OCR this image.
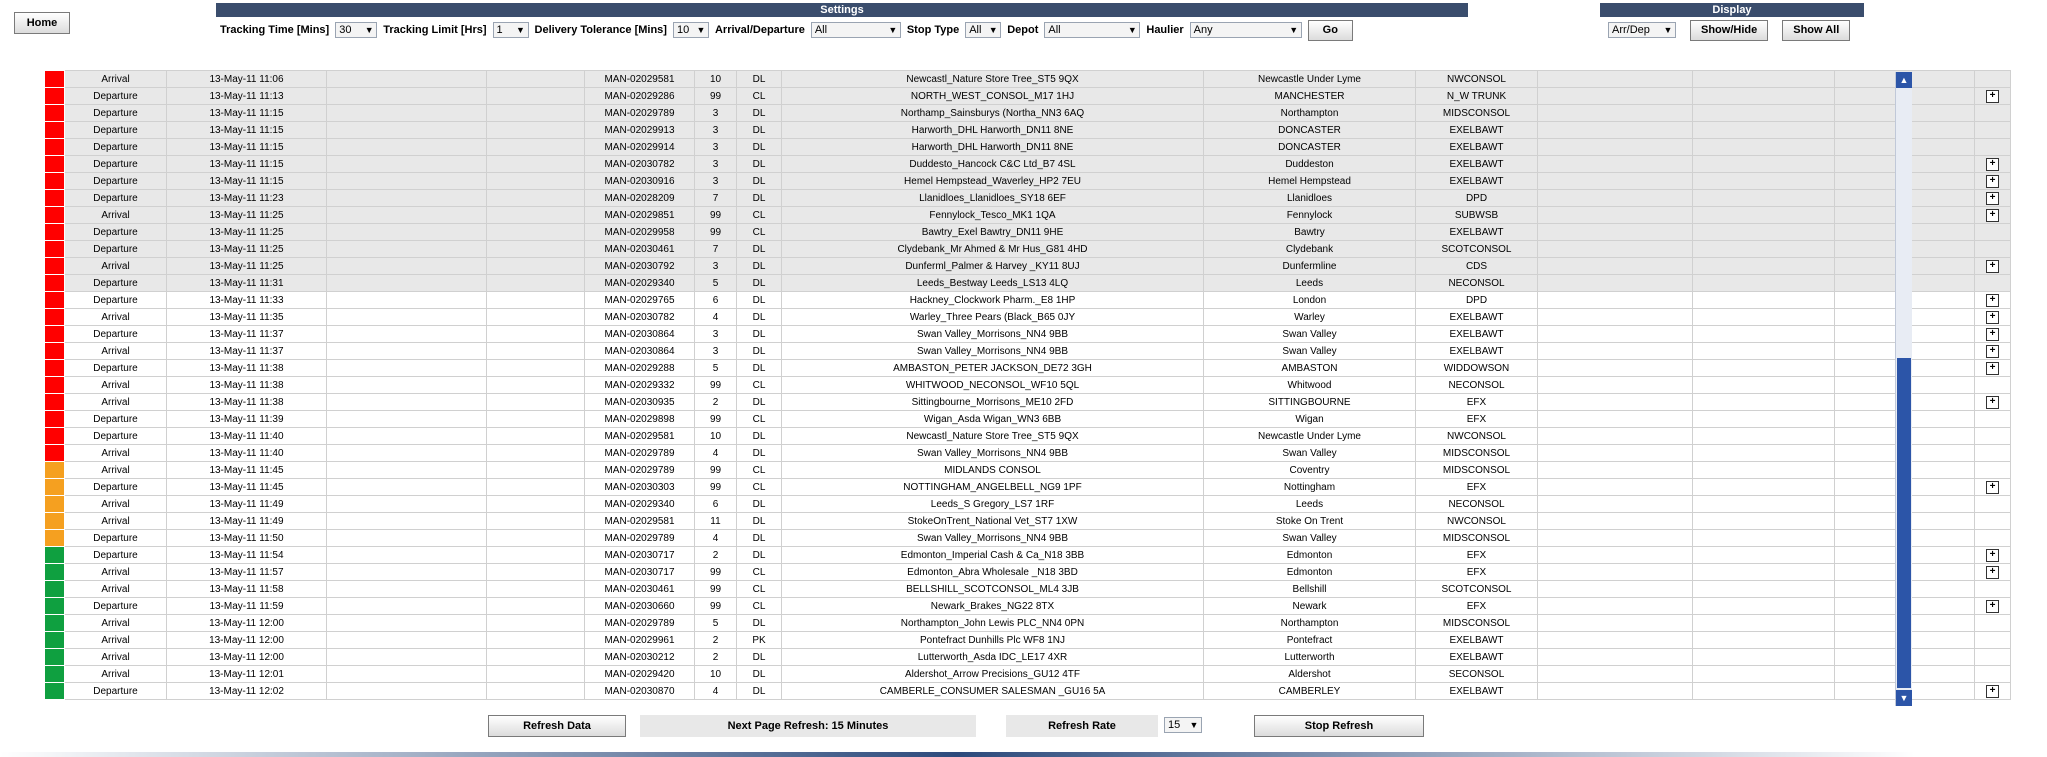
Home
Settings
Tracking Time [Mins] 30 ▼ Tracking Limit [Hrs] 1 ▼ Delivery Tolerance [Mins] 10 ▼ Arrival/Departure All	▼ Stop Type All ▼ Depot All	▼ Haulier Any	▼	Go
Display
Arr/Dep ▼	Show/Hide	Show All
	Arrival	13-May-11 11:06			MAN-02029581	10	DL	Newcastl_Nature Store Tree_ST5 9QX	Newcastle Under Lyme	NWCONSOL				
	Departure	13-May-11 11:13			MAN-02029286	99	CL	NORTH_WEST_CONSOL_M17 1HJ	MANCHESTER	N_W TRUNK				+
	Departure	13-May-11 11:15			MAN-02029789	3	DL	Northamp_Sainsburys (Northa_NN3 6AQ	Northampton	MIDSCONSOL				
	Departure	13-May-11 11:15			MAN-02029913	3	DL	Harworth_DHL Harworth_DN11 8NE	DONCASTER	EXELBAWT				
	Departure	13-May-11 11:15			MAN-02029914	3	DL	Harworth_DHL Harworth_DN11 8NE	DONCASTER	EXELBAWT				
	Departure	13-May-11 11:15			MAN-02030782	3	DL	Duddesto_Hancock C&C Ltd_B7 4SL	Duddeston	EXELBAWT				+
	Departure	13-May-11 11:15			MAN-02030916	3	DL	Hemel Hempstead_Waverley_HP2 7EU	Hemel Hempstead	EXELBAWT				+
	Departure	13-May-11 11:23			MAN-02028209	7	DL	Llanidloes_Llanidloes_SY18 6EF	Llanidloes	DPD				+
	Arrival	13-May-11 11:25			MAN-02029851	99	CL	Fennylock_Tesco_MK1 1QA	Fennylock	SUBWSB				+
	Departure	13-May-11 11:25			MAN-02029958	99	CL	Bawtry_Exel Bawtry_DN11 9HE	Bawtry	EXELBAWT				
	Departure	13-May-11 11:25			MAN-02030461	7	DL	Clydebank_Mr Ahmed & Mr Hus_G81 4HD	Clydebank	SCOTCONSOL				
	Arrival	13-May-11 11:25			MAN-02030792	3	DL	Dunferml_Palmer & Harvey _KY11 8UJ	Dunfermline	CDS				+
	Departure	13-May-11 11:31			MAN-02029340	5	DL	Leeds_Bestway Leeds_LS13 4LQ	Leeds	NECONSOL				
	Departure	13-May-11 11:33			MAN-02029765	6	DL	Hackney_Clockwork Pharm._E8 1HP	London	DPD				+
	Arrival	13-May-11 11:35			MAN-02030782	4	DL	Warley_Three Pears (Black_B65 0JY	Warley	EXELBAWT				+
	Departure	13-May-11 11:37			MAN-02030864	3	DL	Swan Valley_Morrisons_NN4 9BB	Swan Valley	EXELBAWT				+
	Arrival	13-May-11 11:37			MAN-02030864	3	DL	Swan Valley_Morrisons_NN4 9BB	Swan Valley	EXELBAWT				+
	Departure	13-May-11 11:38			MAN-02029288	5	DL	AMBASTON_PETER JACKSON_DE72 3GH	AMBASTON	WIDDOWSON				+
	Arrival	13-May-11 11:38			MAN-02029332	99	CL	WHITWOOD_NECONSOL_WF10 5QL	Whitwood	NECONSOL				
	Arrival	13-May-11 11:38			MAN-02030935	2	DL	Sittingbourne_Morrisons_ME10 2FD	SITTINGBOURNE	EFX				+
	Departure	13-May-11 11:39			MAN-02029898	99	CL	Wigan_Asda Wigan_WN3 6BB	Wigan	EFX				
	Departure	13-May-11 11:40			MAN-02029581	10	DL	Newcastl_Nature Store Tree_ST5 9QX	Newcastle Under Lyme	NWCONSOL				
	Arrival	13-May-11 11:40			MAN-02029789	4	DL	Swan Valley_Morrisons_NN4 9BB	Swan Valley	MIDSCONSOL				
	Arrival	13-May-11 11:45			MAN-02029789	99	CL	MIDLANDS CONSOL	Coventry	MIDSCONSOL				
	Departure	13-May-11 11:45			MAN-02030303	99	CL	NOTTINGHAM_ANGELBELL_NG9 1PF	Nottingham	EFX				+
	Arrival	13-May-11 11:49			MAN-02029340	6	DL	Leeds_S Gregory_LS7 1RF	Leeds	NECONSOL				
	Arrival	13-May-11 11:49			MAN-02029581	11	DL	StokeOnTrent_National Vet_ST7 1XW	Stoke On Trent	NWCONSOL				
	Departure	13-May-11 11:50			MAN-02029789	4	DL	Swan Valley_Morrisons_NN4 9BB	Swan Valley	MIDSCONSOL				
	Departure	13-May-11 11:54			MAN-02030717	2	DL	Edmonton_Imperial Cash & Ca_N18 3BB	Edmonton	EFX				+
	Arrival	13-May-11 11:57			MAN-02030717	99	CL	Edmonton_Abra Wholesale _N18 3BD	Edmonton	EFX				+
	Arrival	13-May-11 11:58			MAN-02030461	99	CL	BELLSHILL_SCOTCONSOL_ML4 3JB	Bellshill	SCOTCONSOL				
	Departure	13-May-11 11:59			MAN-02030660	99	CL	Newark_Brakes_NG22 8TX	Newark	EFX				+
	Arrival	13-May-11 12:00			MAN-02029789	5	DL	Northampton_John Lewis PLC_NN4 0PN	Northampton	MIDSCONSOL				
	Arrival	13-May-11 12:00			MAN-02029961	2	PK	Pontefract Dunhills Plc WF8 1NJ	Pontefract	EXELBAWT				
	Arrival	13-May-11 12:00			MAN-02030212	2	DL	Lutterworth_Asda IDC_LE17 4XR	Lutterworth	EXELBAWT				
	Arrival	13-May-11 12:01			MAN-02029420	10	DL	Aldershot_Arrow Precisions_GU12 4TF	Aldershot	SECONSOL				
	Departure	13-May-11 12:02			MAN-02030870	4	DL	CAMBERLE_CONSUMER SALESMAN _GU16 5A	CAMBERLEY	EXELBAWT				+
▲
▼
Refresh Data	Next Page Refresh: 15 Minutes	Refresh Rate	15 ▼	Stop Refresh
